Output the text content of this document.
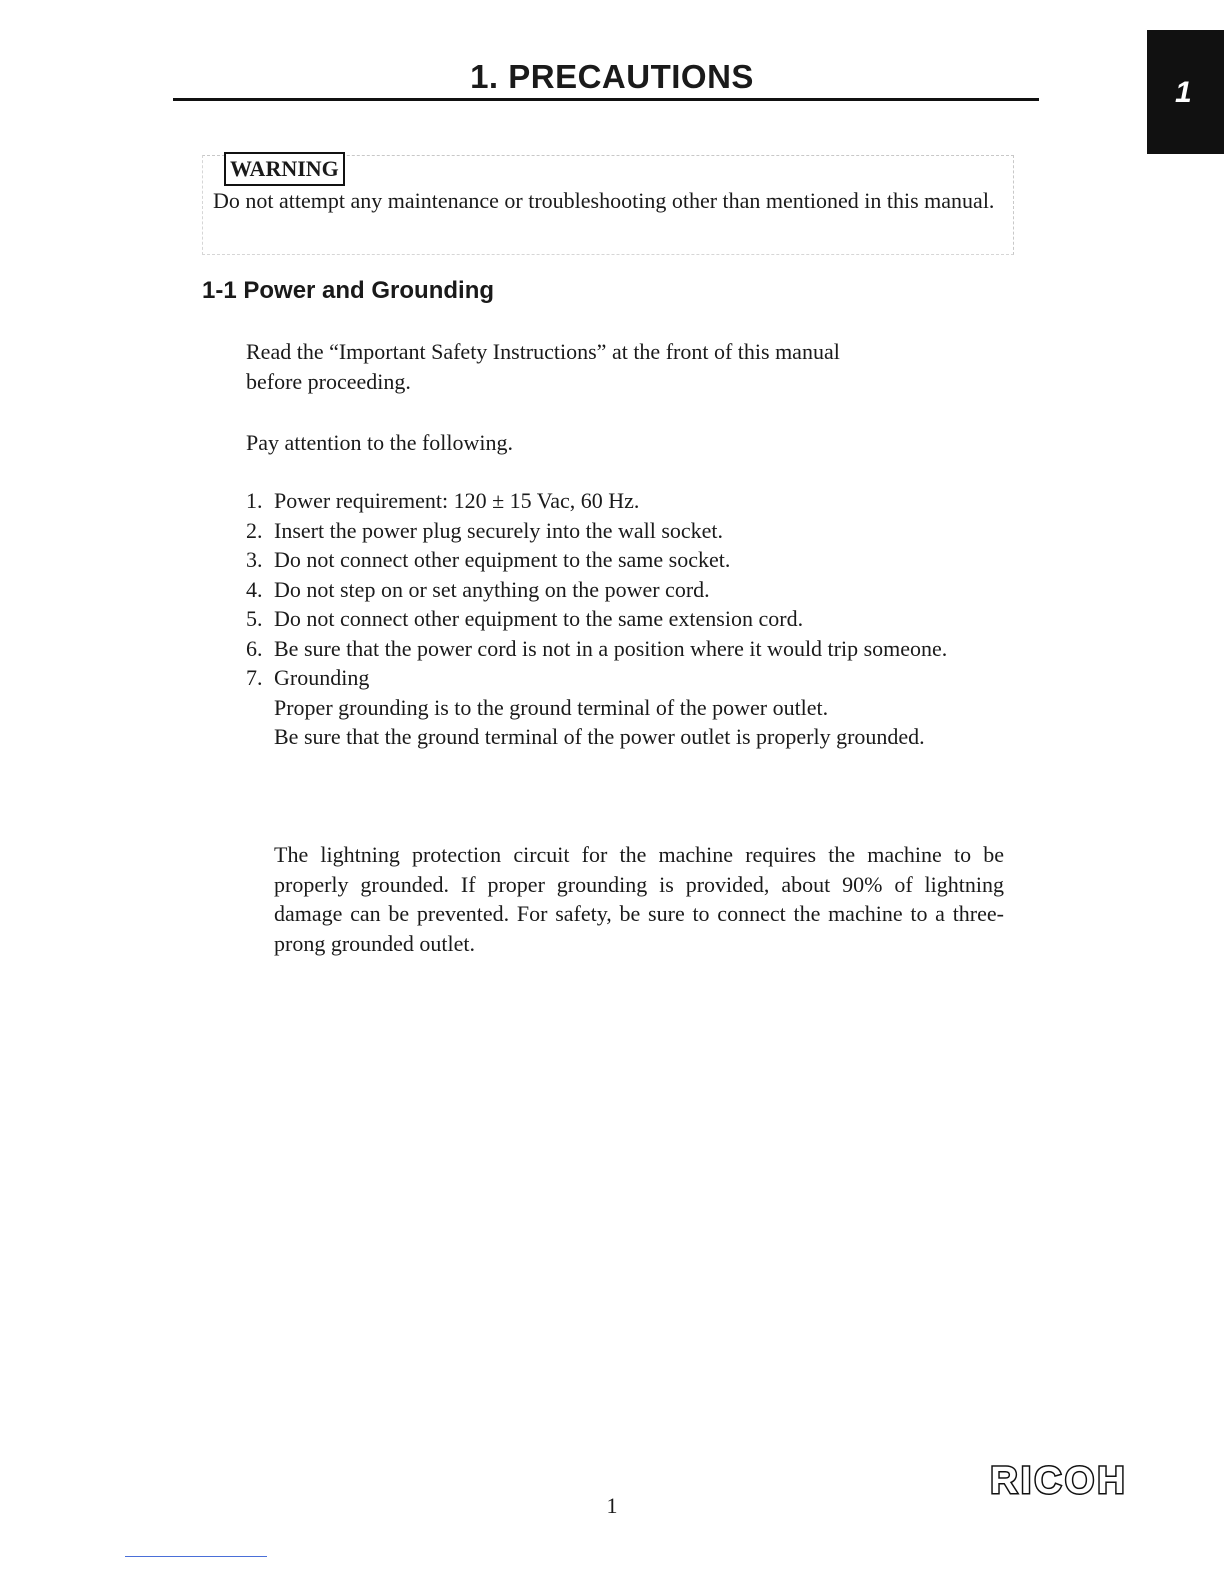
1
1. PRECAUTIONS
WARNING

Do not attempt any maintenance or troubleshooting other than mentioned in this manual.

1-1 Power and Grounding

Read the “Important Safety Instructions” at the front of this manual before proceeding.

Pay attention to the following.

1. Power requirement: 120 ± 15 Vac, 60 Hz.
2. Insert the power plug securely into the wall socket.
3. Do not connect other equipment to the same socket.
4. Do not step on or set anything on the power cord.
5. Do not connect other equipment to the same extension cord.
6. Be sure that the power cord is not in a position where it would trip someone.
7. Grounding
Proper grounding is to the ground terminal of the power outlet.
Be sure that the ground terminal of the power outlet is properly grounded.

The lightning protection circuit for the machine requires the machine to be properly grounded. If proper grounding is provided, about 90% of lightning damage can be prevented. For safety, be sure to connect the machine to a three-prong grounded outlet.

1

RICOH
